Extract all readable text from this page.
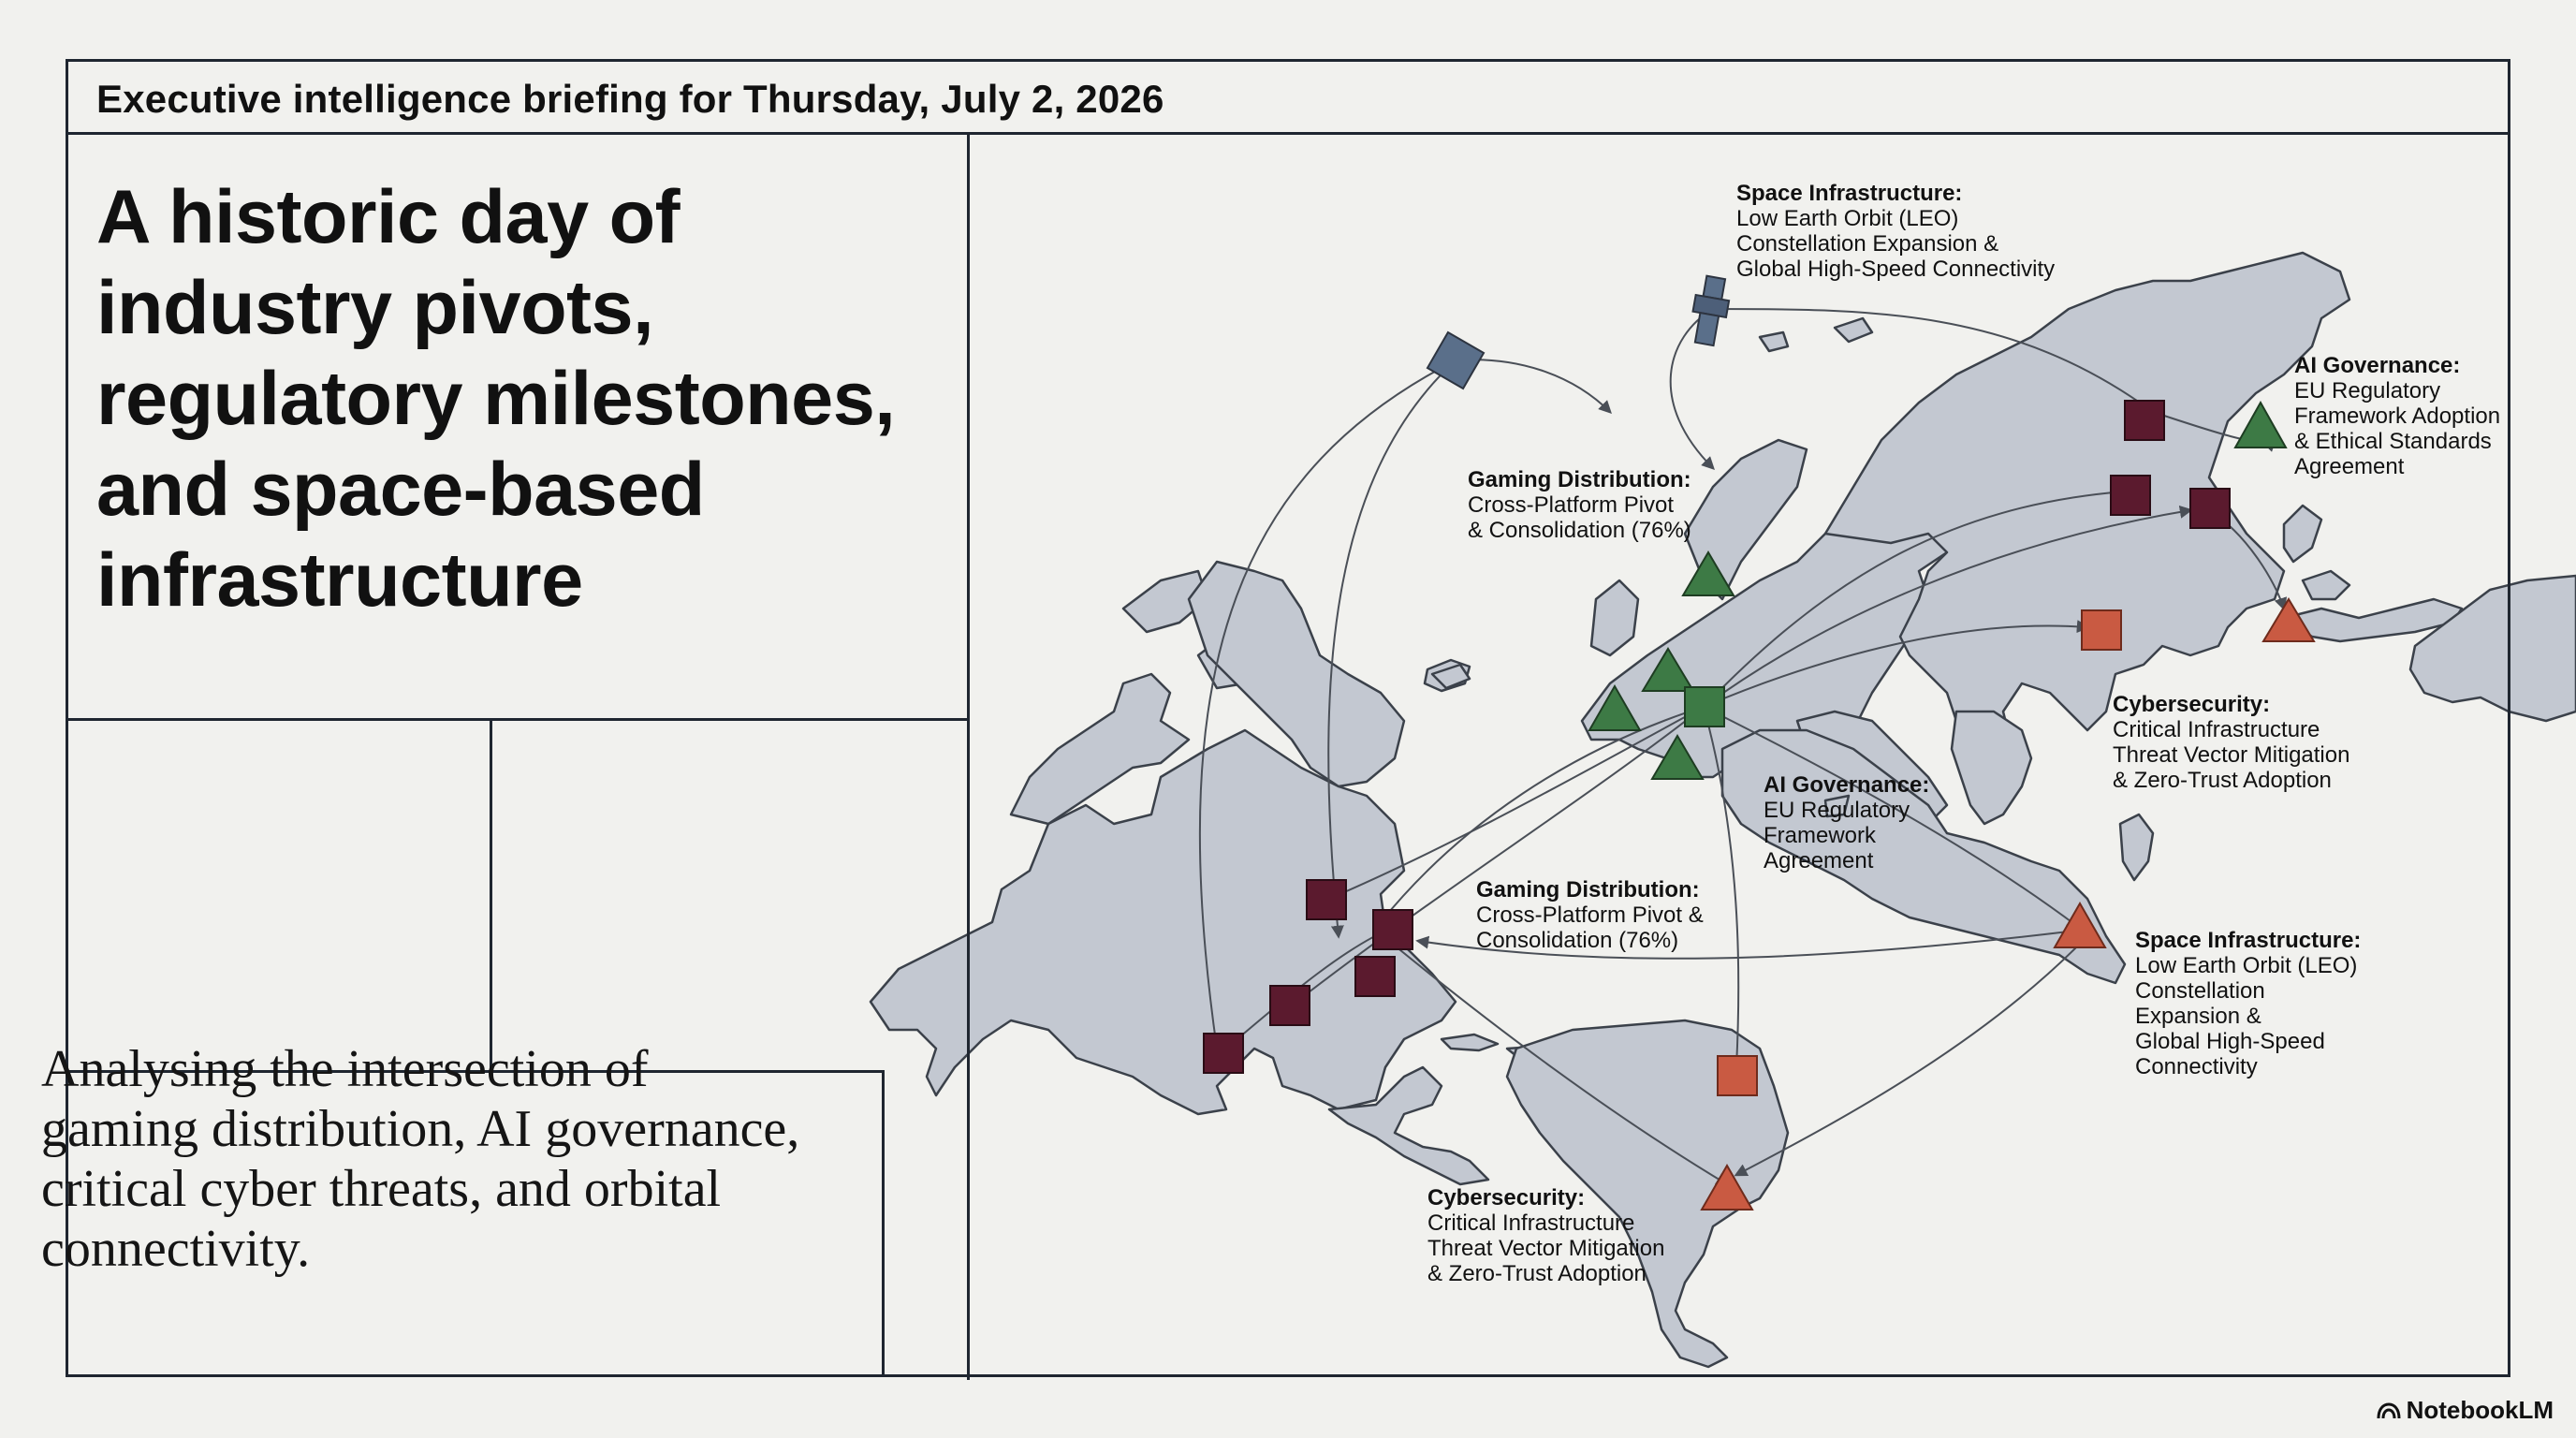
Space Infrastructure: Low Earth Orbit (LEO) Constellation Expansion & Global High-Speed Connectivity
AI Governance: EU Regulatory Framework Adoption & Ethical Standards Agreement
Gaming Distribution: Cross-Platform Pivot & Consolidation (76%)
Cybersecurity: Critical Infrastructure Threat Vector Mitigation & Zero-Trust Adoption
AI Governance: EU Regulatory Framework Agreement
Gaming Distribution: Cross-Platform Pivot & Consolidation (76%)	Space Infrastructure: Low Earth Orbit (LEO) Constellation Expansion & Global High-Speed Connectivity
Cybersecurity: Critical Infrastructure Threat Vector Mitigation & Zero-Trust Adoption
Executive intelligence briefing for Thursday, July 2, 2026
A historic day of industry pivots, regulatory milestones, and space-based infrastructure
Analysing the intersection of gaming distribution, AI governance, critical cyber threats, and orbital connectivity.
NotebookLM
